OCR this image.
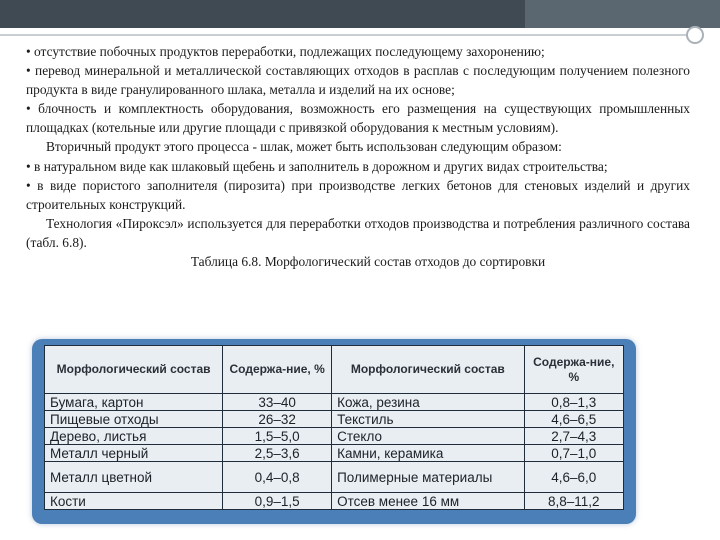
• отсутствие побочных продуктов переработки, подлежащих последующему захоронению;

• перевод минеральной и металлической составляющих отходов в расплав с последующим получением полезного продукта в виде гранулированного шлака, металла и изделий на их основе;

• блочность и комплектность оборудования, возможность его размещения на существующих промышленных площадках (котельные или другие площади с привязкой оборудования к местным условиям).

Вторичный продукт этого процесса - шлак, может быть использован следующим образом:

• в натуральном виде как шлаковый щебень и заполнитель в дорожном и других видах строительства;

• в виде пористого заполнителя (пирозита) при производстве легких бетонов для стеновых изделий и других строительных конструкций.

Технология «Пироксэл» используется для переработки отходов производства и потребления различного состава (табл. 6.8).

Таблица 6.8. Морфологический состав отходов до сортировки

Морфологический состав	Содержа-ние, %	Морфологический состав	Содержа-ние, %
Бумага, картон	33–40	Кожа, резина	0,8–1,3
Пищевые отходы	26–32	Текстиль	4,6–6,5
Дерево, листья	1,5–5,0	Стекло	2,7–4,3
Металл черный	2,5–3,6	Камни, керамика	0,7–1,0
Металл цветной	0,4–0,8	Полимерные материалы	4,6–6,0
Кости	0,9–1,5	Отсев менее 16 мм	8,8–11,2
